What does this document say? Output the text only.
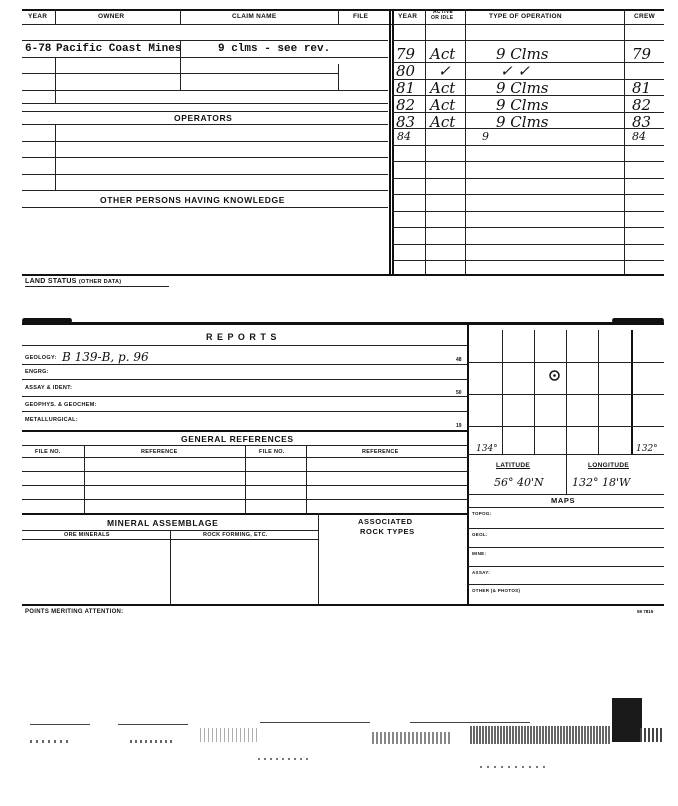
YEAR	OWNER	CLAIM NAME	FILE	YEAR
ACTIVE
OR IDLE	TYPE OF OPERATION	CREW
6-78 Pacific Coast Mines	9 clms - see rev.
OPERATORS
OTHER PERSONS HAVING KNOWLEDGE
79 Act	9 Clms	79
80 ✓	✓ ✓
81 Act	9 Clms	81
82 Act	9 Clms	82
83 Act	9 Clms	83
84	9	84
LAND STATUS (OTHER DATA)
R E P O R T S
GEOLOGY: B 139-B, p. 96	48
ENGRG:
ASSAY & IDENT:
50
GEOPHYS. & GEOCHEM:
METALLURGICAL:
19
GENERAL REFERENCES
FILE NO.	REFERENCE	FILE NO.	REFERENCE
MINERAL ASSEMBLAGE	ASSOCIATED
ROCK TYPES
ORE MINERALS	ROCK FORMING, ETC.
POINTS MERITING ATTENTION:	59 7815
134°	132°
LATITUDE	LONGITUDE
56° 40'N	132° 18'W
MAPS
TOPOG:
GEOL:
MINE:
ASSAY:
OTHER (& PHOTOS)
